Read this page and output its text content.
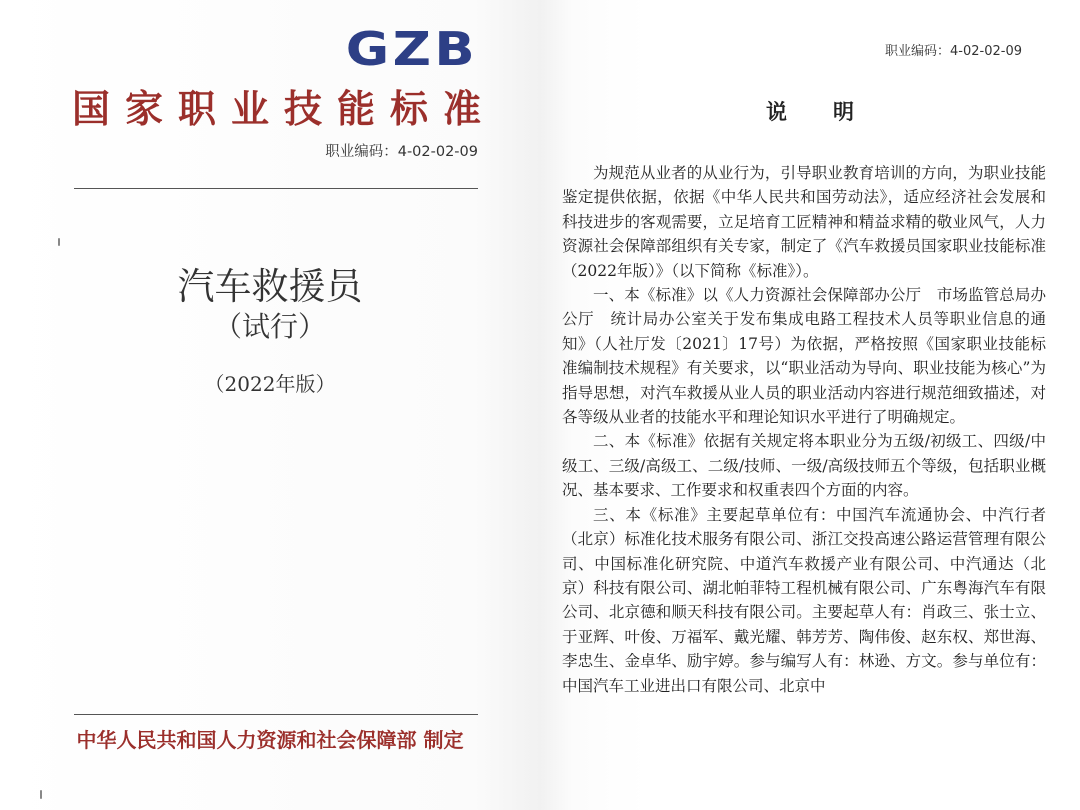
GZB
国家职业技能标准
职业编码：4-02-02-09
汽车救援员
（试行）
（2022年版）
中华人民共和国人力资源和社会保障部 制定
职业编码：4-02-02-09
说 明

为规范从业者的从业行为，引导职业教育培训的方向，为职业技能鉴定提供依据，依据《中华人民共和国劳动法》，适应经济社会发展和科技进步的客观需要，立足培育工匠精神和精益求精的敬业风气，人力资源社会保障部组织有关专家，制定了《汽车救援员国家职业技能标准（2022年版）》（以下简称《标准》）。

一、本《标准》以《人力资源社会保障部办公厅　市场监管总局办公厅　统计局办公室关于发布集成电路工程技术人员等职业信息的通知》（人社厅发〔2021〕17号）为依据，严格按照《国家职业技能标准编制技术规程》有关要求，以“职业活动为导向、职业技能为核心”为指导思想，对汽车救援从业人员的职业活动内容进行规范细致描述，对各等级从业者的技能水平和理论知识水平进行了明确规定。

二、本《标准》依据有关规定将本职业分为五级/初级工、四级/中级工、三级/高级工、二级/技师、一级/高级技师五个等级，包括职业概况、基本要求、工作要求和权重表四个方面的内容。

三、本《标准》主要起草单位有：中国汽车流通协会、中汽行者（北京）标准化技术服务有限公司、浙江交投高速公路运营管理有限公司、中国标准化研究院、中道汽车救援产业有限公司、中汽通达（北京）科技有限公司、湖北帕菲特工程机械有限公司、广东粤海汽车有限公司、北京德和顺天科技有限公司。主要起草人有：肖政三、张士立、于亚辉、叶俊、万福军、戴光耀、韩芳芳、陶伟俊、赵东权、郑世海、李忠生、金卓华、励宇婷。参与编写人有：林逊、方文。参与单位有：中国汽车工业进出口有限公司、北京中
